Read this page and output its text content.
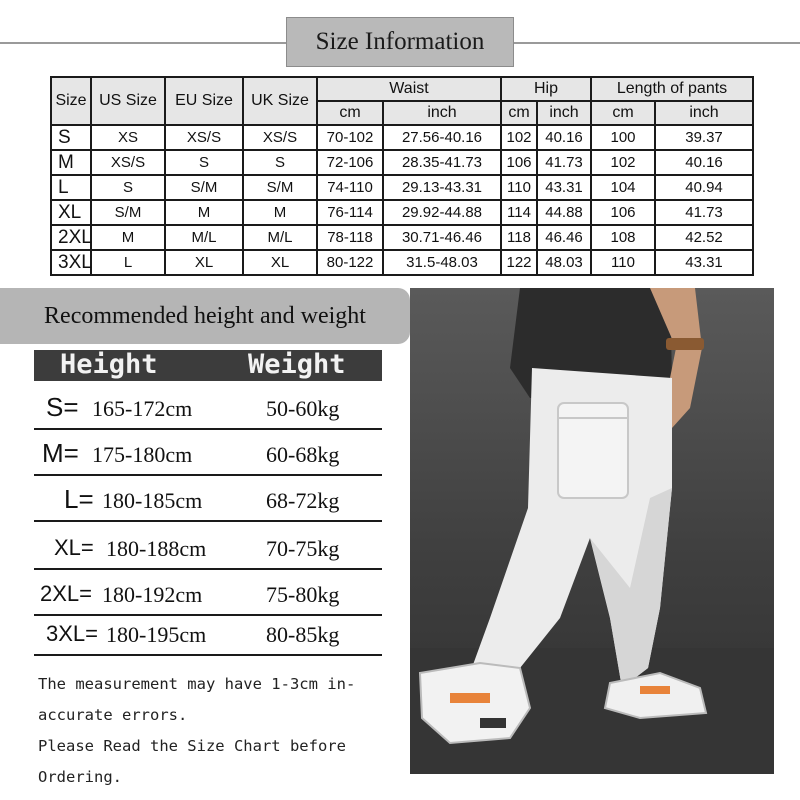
Size Information
Size	US Size	EU Size	UK Size	Waist		Hip		Length of pants	
				cm	inch	cm	inch	cm	inch
S	XS	XS/S	XS/S	70-102	27.56-40.16	102	40.16	100	39.37
M	XS/S	S	S	72-106	28.35-41.73	106	41.73	102	40.16
L	S	S/M	S/M	74-110	29.13-43.31	110	43.31	104	40.94
XL	S/M	M	M	76-114	29.92-44.88	114	44.88	106	41.73
2XL	M	M/L	M/L	78-118	30.71-46.46	118	46.46	108	42.52
3XL	L	XL	XL	80-122	31.5-48.03	122	48.03	110	43.31
Recommended height and weight
Height	Weight
S= 165-172cm	50-60kg
M= 175-180cm	60-68kg
L= 180-185cm	68-72kg
XL= 180-188cm	70-75kg
2XL= 180-192cm	75-80kg
3XL= 180-195cm	80-85kg
The measurement may have 1-3cm in-
accurate errors.
Please Read the Size Chart before
Ordering.
